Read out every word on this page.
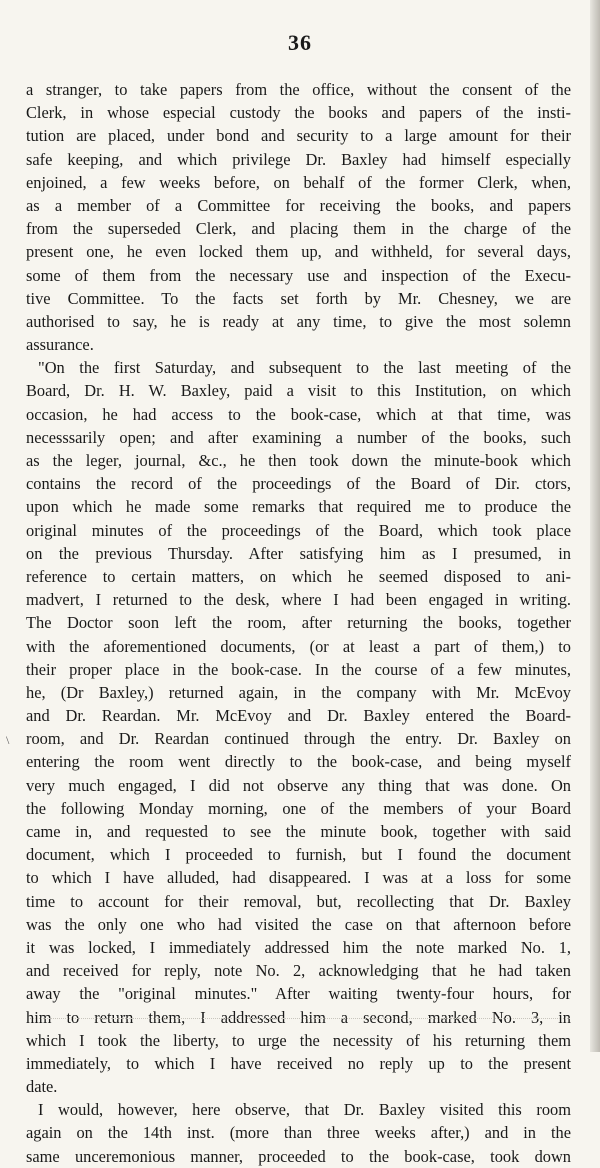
36
\
a stranger, to take papers from the office, without the consent of the
Clerk, in whose especial custody the books and papers of the insti-
tution are placed, under bond and security to a large amount for their
safe keeping, and which privilege Dr. Baxley had himself especially
enjoined, a few weeks before, on behalf of the former Clerk, when,
as a member of a Committee for receiving the books, and papers
from the superseded Clerk, and placing them in the charge of the
present one, he even locked them up, and withheld, for several days,
some of them from the necessary use and inspection of the Execu-
tive Committee. To the facts set forth by Mr. Chesney, we are
authorised to say, he is ready at any time, to give the most solemn
assurance.
"On the first Saturday, and subsequent to the last meeting of the
Board, Dr. H. W. Baxley, paid a visit to this Institution, on which
occasion, he had access to the book-case, which at that time, was
necesssarily open; and after examining a number of the books, such
as the leger, journal, &c., he then took down the minute-book which
contains the record of the proceedings of the Board of Dir. ctors,
upon which he made some remarks that required me to produce the
original minutes of the proceedings of the Board, which took place
on the previous Thursday. After satisfying him as I presumed, in
reference to certain matters, on which he seemed disposed to ani-
madvert, I returned to the desk, where I had been engaged in writing.
The Doctor soon left the room, after returning the books, together
with the aforementioned documents, (or at least a part of them,) to
their proper place in the book-case. In the course of a few minutes,
he, (Dr Baxley,) returned again, in the company with Mr. McEvoy
and Dr. Reardan. Mr. McEvoy and Dr. Baxley entered the Board-
room, and Dr. Reardan continued through the entry. Dr. Baxley on
entering the room went directly to the book-case, and being myself
very much engaged, I did not observe any thing that was done. On
the following Monday morning, one of the members of your Board
came in, and requested to see the minute book, together with said
document, which I proceeded to furnish, but I found the document
to which I have alluded, had disappeared. I was at a loss for some
time to account for their removal, but, recollecting that Dr. Baxley
was the only one who had visited the case on that afternoon before
it was locked, I immediately addressed him the note marked No. 1,
and received for reply, note No. 2, acknowledging that he had taken
away the "original minutes." After waiting twenty-four hours, for
him to return them, I addressed him a second, marked No. 3, in
which I took the liberty, to urge the necessity of his returning them
immediately, to which I have received no reply up to the present
date.
I would, however, here observe, that Dr. Baxley visited this room
again on the 14th inst. (more than three weeks after,) and in the
same unceremonious manner, proceeded to the book-case, took down
